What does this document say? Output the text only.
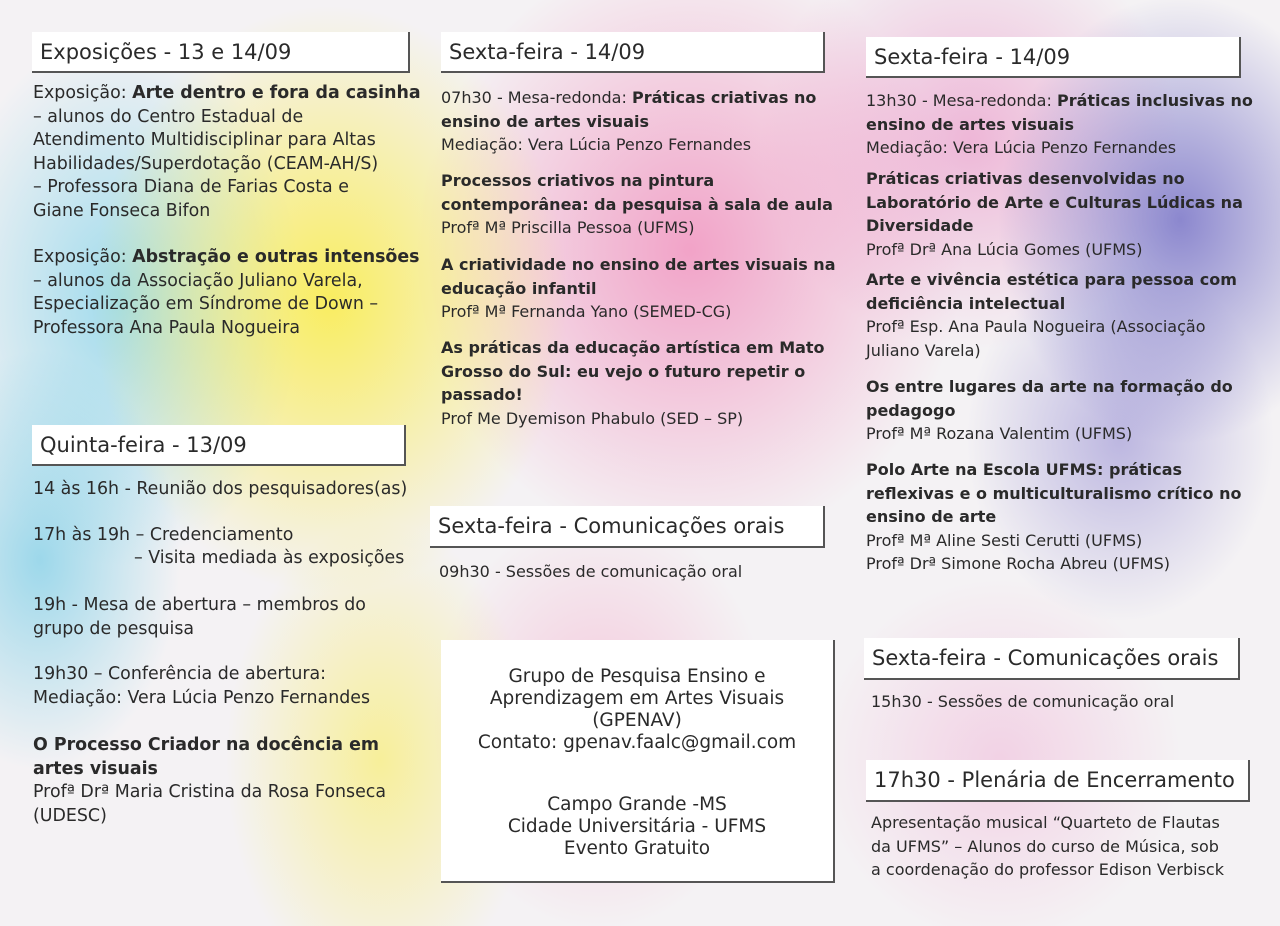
Exposições - 13 e 14/09
Exposição: Arte dentro e fora da casinha
– alunos do Centro Estadual de
Atendimento Multidisciplinar para Altas
Habilidades/Superdotação (CEAM-AH/S)
– Professora Diana de Farias Costa e
Giane Fonseca Bifon
Exposição: Abstração e outras intensões
– alunos da Associação Juliano Varela,
Especialização em Síndrome de Down –
Professora Ana Paula Nogueira
Quinta-feira - 13/09
14 às 16h - Reunião dos pesquisadores(as)
17h às 19h – Credenciamento
– Visita mediada às exposições
19h - Mesa de abertura – membros do
grupo de pesquisa
19h30 – Conferência de abertura:
Mediação: Vera Lúcia Penzo Fernandes
O Processo Criador na docência em
artes visuais
Profª Drª Maria Cristina da Rosa Fonseca
(UDESC)
Sexta-feira - 14/09
07h30 - Mesa-redonda: Práticas criativas no
ensino de artes visuais
Mediação: Vera Lúcia Penzo Fernandes
Processos criativos na pintura
contemporânea: da pesquisa à sala de aula
Profª Mª Priscilla Pessoa (UFMS)
A criatividade no ensino de artes visuais na
educação infantil
Profª Mª Fernanda Yano (SEMED-CG)
As práticas da educação artística em Mato
Grosso do Sul: eu vejo o futuro repetir o
passado!
Prof Me Dyemison Phabulo (SED – SP)
Sexta-feira - Comunicações orais
09h30 - Sessões de comunicação oral
Grupo de Pesquisa Ensino e
Aprendizagem em Artes Visuais
(GPENAV)
Contato: gpenav.faalc@gmail.com
Campo Grande -MS
Cidade Universitária - UFMS
Evento Gratuito
Sexta-feira - 14/09
13h30 - Mesa-redonda: Práticas inclusivas no
ensino de artes visuais
Mediação: Vera Lúcia Penzo Fernandes
Práticas criativas desenvolvidas no
Laboratório de Arte e Culturas Lúdicas na
Diversidade
Profª Drª Ana Lúcia Gomes (UFMS)
Arte e vivência estética para pessoa com
deficiência intelectual
Profª Esp. Ana Paula Nogueira (Associação
Juliano Varela)
Os entre lugares da arte na formação do
pedagogo
Profª Mª Rozana Valentim (UFMS)
Polo Arte na Escola UFMS: práticas
reflexivas e o multiculturalismo crítico no
ensino de arte
Profª Mª Aline Sesti Cerutti (UFMS)
Profª Drª Simone Rocha Abreu (UFMS)
Sexta-feira - Comunicações orais
15h30 - Sessões de comunicação oral
17h30 - Plenária de Encerramento
Apresentação musical “Quarteto de Flautas
da UFMS” – Alunos do curso de Música, sob
a coordenação do professor Edison Verbisck
